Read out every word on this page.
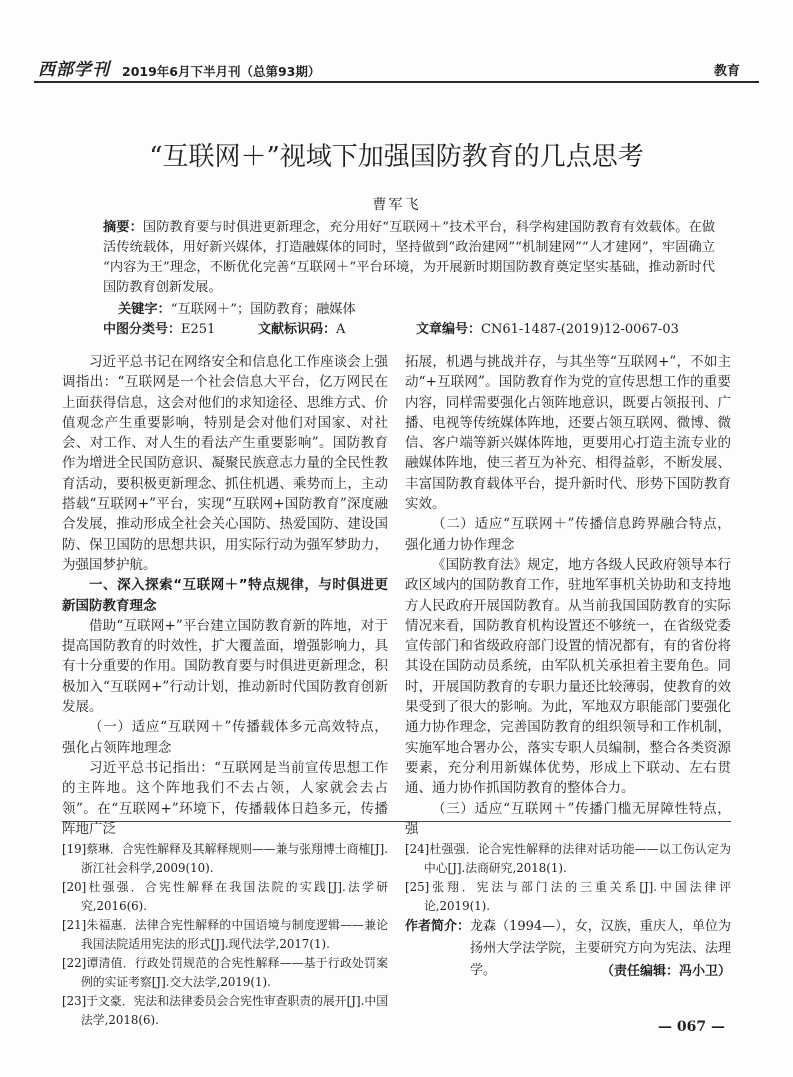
西部学刊 2019年6月下半月刊（总第93期）	教育
“互联网＋”视域下加强国防教育的几点思考
曹军飞
摘要：国防教育要与时俱进更新理念，充分用好“互联网＋”技术平台，科学构建国防教育有效载体。在做活传统载体，用好新兴媒体，打造融媒体的同时，坚持做到“政治建网”“机制建网”“人才建网”，牢固确立“内容为王”理念，不断优化完善“互联网＋”平台环境，为开展新时期国防教育奠定坚实基础，推动新时代国防教育创新发展。
关键字：“互联网＋”；国防教育；融媒体
中图分类号：E251	文献标识码：A	文章编号：CN61-1487-(2019)12-0067-03

习近平总书记在网络安全和信息化工作座谈会上强调指出：“互联网是一个社会信息大平台，亿万网民在上面获得信息，这会对他们的求知途径、思维方式、价值观念产生重要影响，特别是会对他们对国家、对社会、对工作、对人生的看法产生重要影响”。国防教育作为增进全民国防意识、凝聚民族意志力量的全民性教育活动，要积极更新理念、抓住机遇、乘势而上，主动搭载“互联网+”平台，实现“互联网+国防教育”深度融合发展，推动形成全社会关心国防、热爱国防、建设国防、保卫国防的思想共识，用实际行动为强军梦助力，为强国梦护航。

一、深入探索“互联网＋”特点规律，与时俱进更新国防教育理念

借助“互联网+”平台建立国防教育新的阵地，对于提高国防教育的时效性，扩大覆盖面，增强影响力，具有十分重要的作用。国防教育要与时俱进更新理念，积极加入“互联网+”行动计划，推动新时代国防教育创新发展。

（一）适应“互联网＋”传播载体多元高效特点，强化占领阵地理念

习近平总书记指出：“互联网是当前宣传思想工作的主阵地。这个阵地我们不去占领，人家就会去占领”。在“互联网+”环境下，传播载体日趋多元，传播阵地广泛

拓展，机遇与挑战并存，与其坐等“互联网+”，不如主动“+互联网”。国防教育作为党的宣传思想工作的重要内容，同样需要强化占领阵地意识，既要占领报刊、广播、电视等传统媒体阵地，还要占领互联网、微博、微信、客户端等新兴媒体阵地，更要用心打造主流专业的融媒体阵地，使三者互为补充、相得益彰，不断发展、丰富国防教育载体平台，提升新时代、形势下国防教育实效。

（二）适应“互联网＋”传播信息跨界融合特点，强化通力协作理念

《国防教育法》规定，地方各级人民政府领导本行政区域内的国防教育工作，驻地军事机关协助和支持地方人民政府开展国防教育。从当前我国国防教育的实际情况来看，国防教育机构设置还不够统一，在省级党委宣传部门和省级政府部门设置的情况都有，有的省份将其设在国防动员系统，由军队机关承担着主要角色。同时，开展国防教育的专职力量还比较薄弱，使教育的效果受到了很大的影响。为此，军地双方职能部门要强化通力协作理念，完善国防教育的组织领导和工作机制，实施军地合署办公，落实专职人员编制，整合各类资源要素，充分利用新媒体优势，形成上下联动、左右贯通、通力协作抓国防教育的整体合力。

（三）适应“互联网＋”传播门槛无屏障性特点，强

[19]蔡琳．合宪性解释及其解释规则——兼与张翔博士商榷[J].浙江社会科学,2009(10).

[20]杜强强．合宪性解释在我国法院的实践[J].法学研究,2016(6).

[21]朱福惠．法律合宪性解释的中国语境与制度逻辑——兼论我国法院适用宪法的形式[J].现代法学,2017(1).

[22]谭清值．行政处罚规范的合宪性解释——基于行政处罚案例的实证考察[J].交大法学,2019(1).

[23]于文豪．宪法和法律委员会合宪性审查职责的展开[J].中国法学,2018(6).

[24]杜强强．论合宪性解释的法律对话功能——以工伤认定为中心[J].法商研究,2018(1).

[25]张翔．宪法与部门法的三重关系[J].中国法律评论,2019(1).

作者简介： 龙森（1994—），女，汉族，重庆人，单位为扬州大学法学院，主要研究方向为宪法、法理学。	（责任编辑：冯小卫）
— 067 —
